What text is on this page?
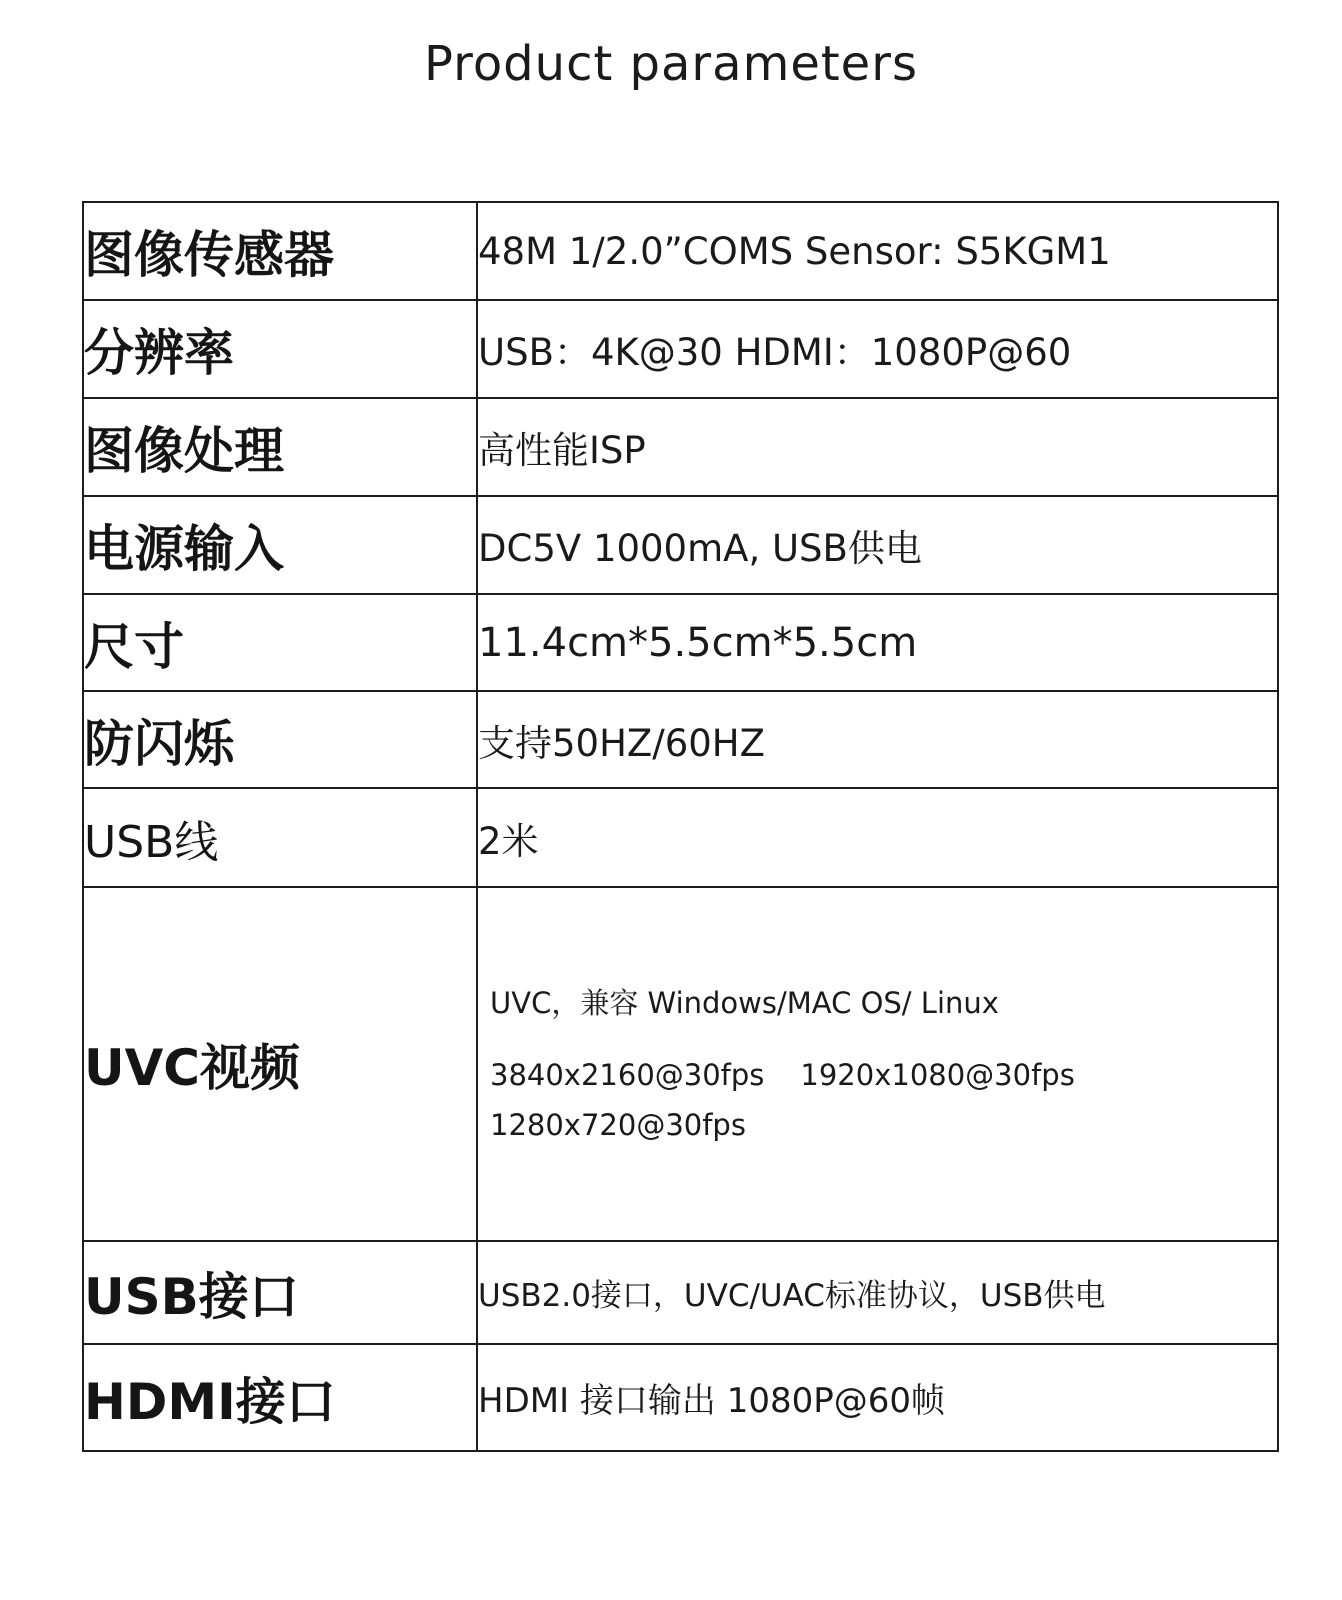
Product parameters
图像传感器	48M 1/2.0”COMS Sensor: S5KGM1
分辨率	USB：4K@30 HDMI：1080P@60
图像处理	高性能ISP
电源输入	DC5V 1000mA, USB供电
尺寸	11.4cm*5.5cm*5.5cm
防闪烁	支持50HZ/60HZ
USB线	2米
UVC视频	UVC，兼容 Windows/MAC OS/ Linux
3840x2160@30fps 1920x1080@30fps
1280x720@30fps

USB接口	USB2.0接口，UVC/UAC标准协议，USB供电
HDMI接口	HDMI 接口输出 1080P@60帧
